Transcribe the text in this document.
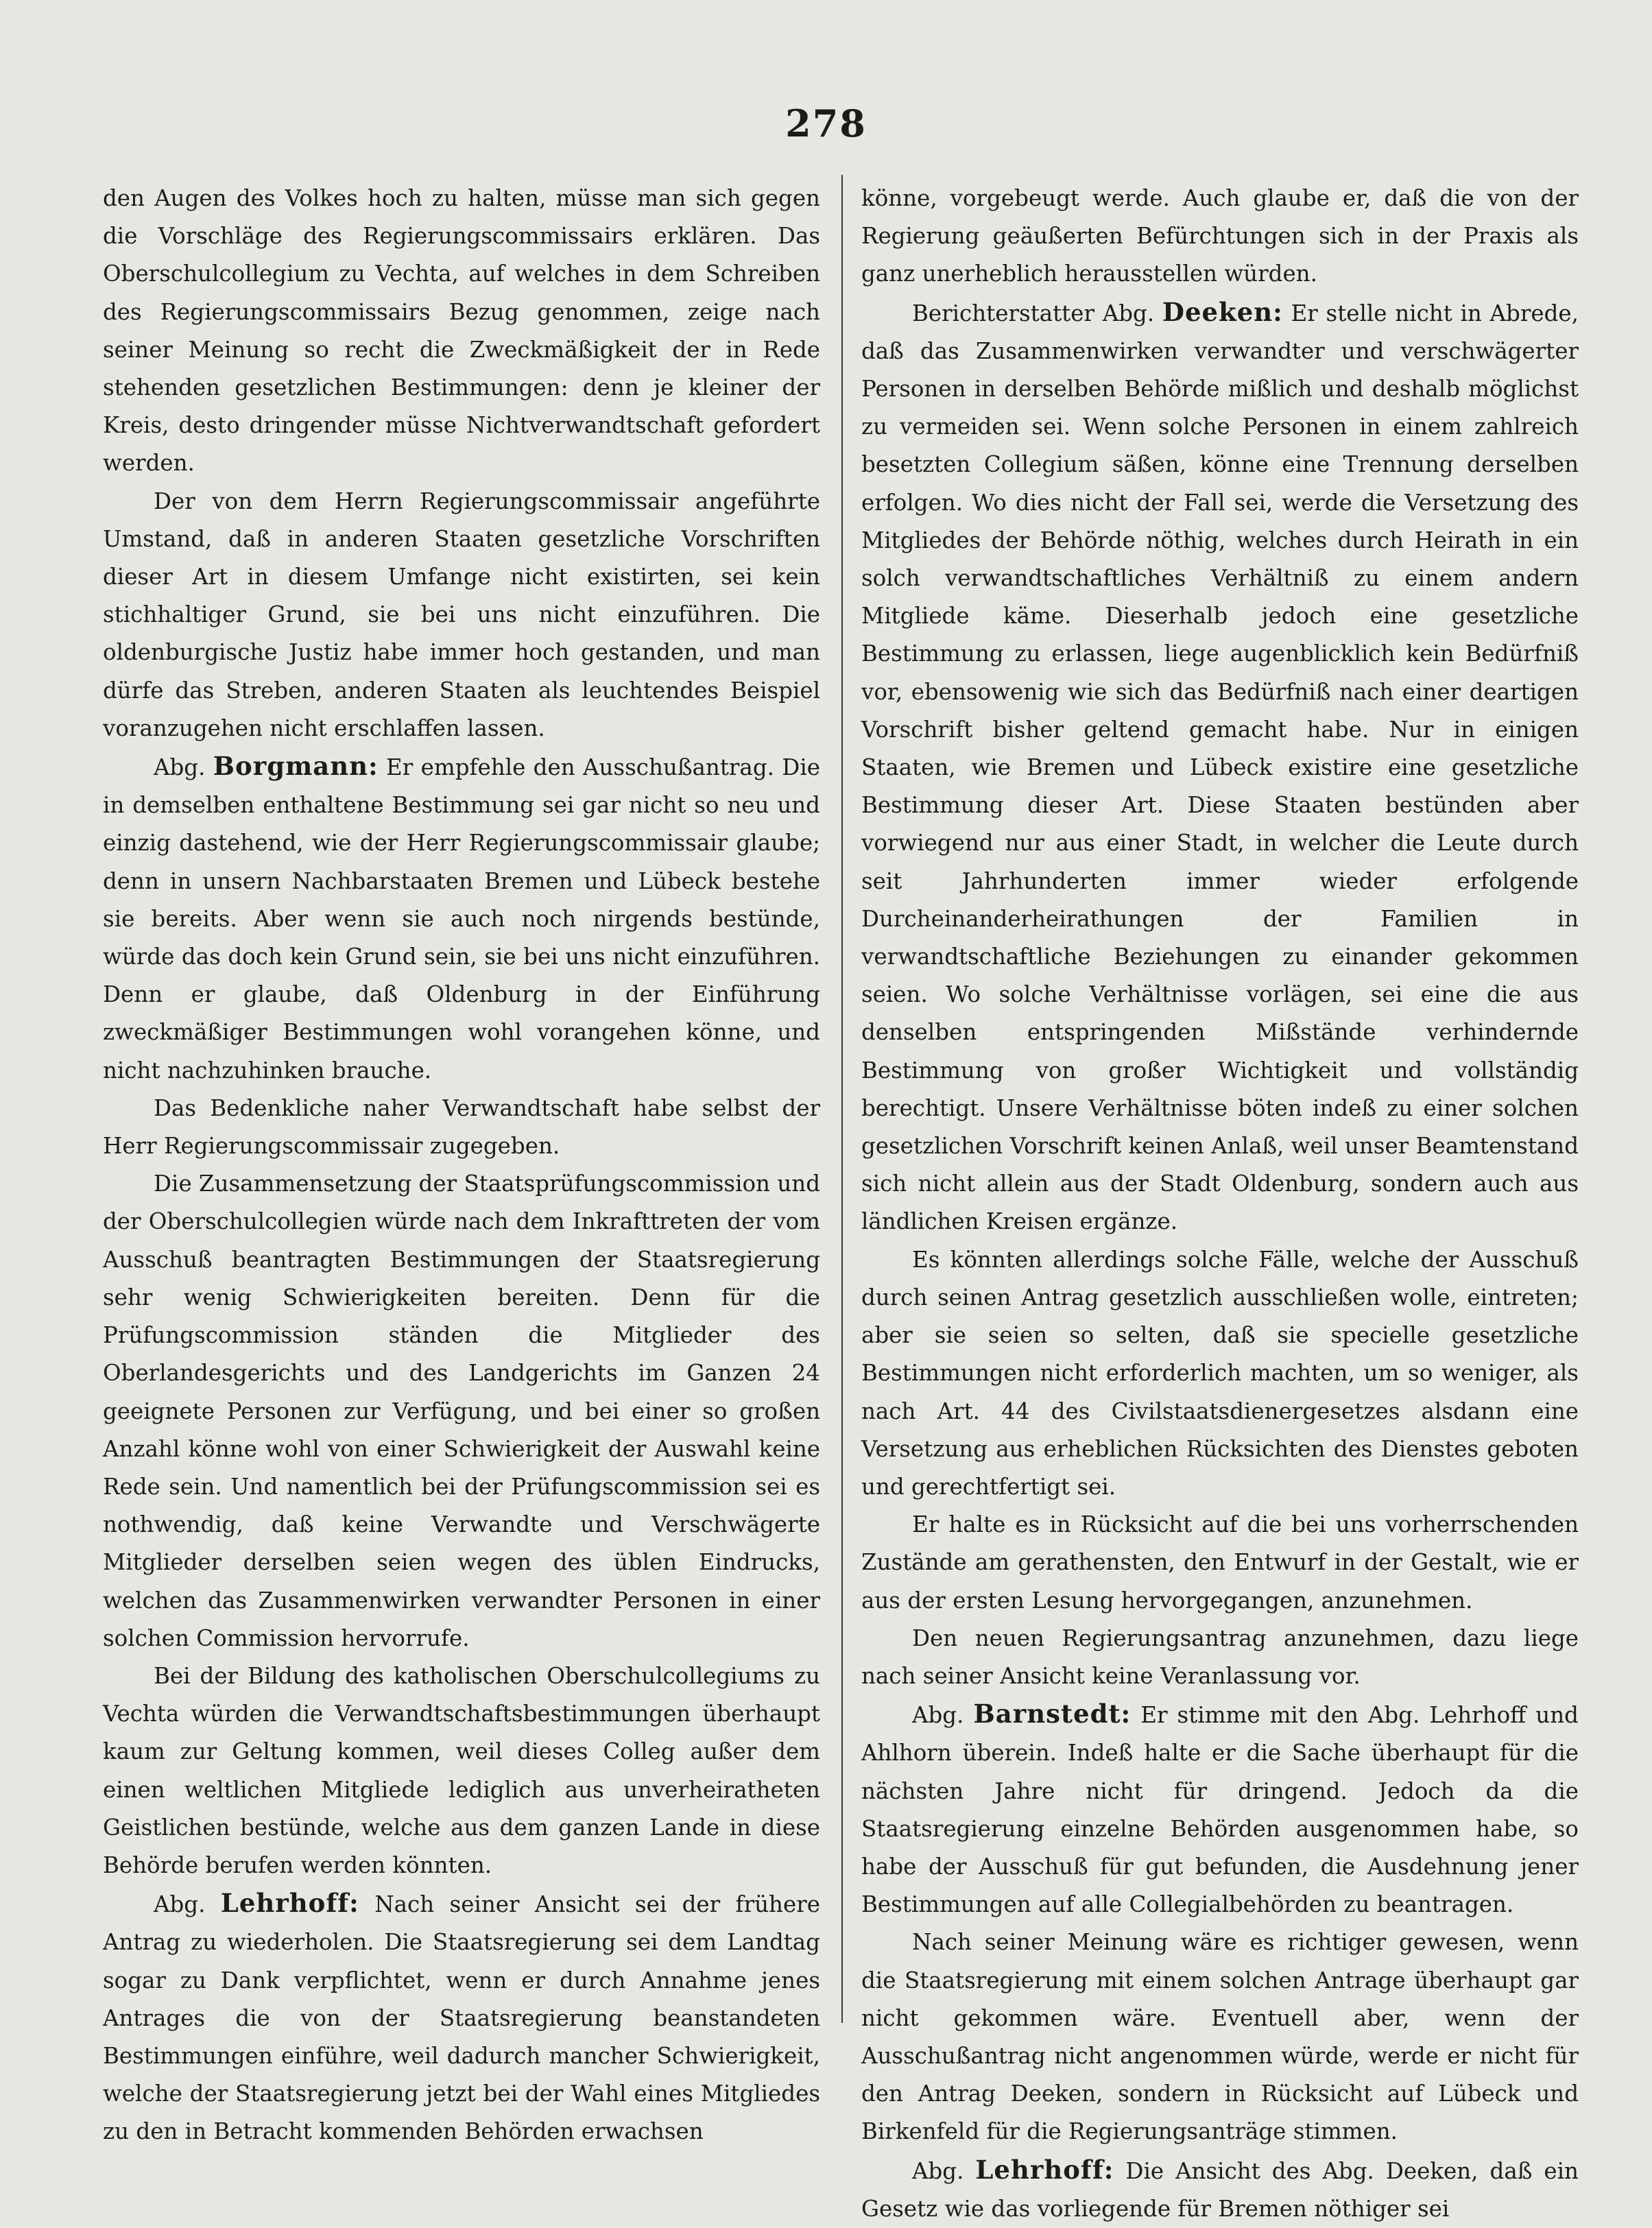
278

den Augen des Volkes hoch zu halten, müsse man sich gegen die Vorschläge des Regierungscommissairs erklären. Das Oberschulcollegium zu Vechta, auf welches in dem Schreiben des Regierungscommissairs Bezug genommen, zeige nach seiner Meinung so recht die Zweckmäßigkeit der in Rede stehenden gesetzlichen Bestimmungen: denn je kleiner der Kreis, desto dringender müsse Nichtverwandtschaft gefordert werden.

Der von dem Herrn Regierungscommissair angeführte Umstand, daß in anderen Staaten gesetzliche Vorschriften dieser Art in diesem Umfange nicht existirten, sei kein stichhaltiger Grund, sie bei uns nicht einzuführen. Die oldenburgische Justiz habe immer hoch gestanden, und man dürfe das Streben, anderen Staaten als leuchtendes Beispiel voranzugehen nicht erschlaffen lassen.

Abg. Borgmann: Er empfehle den Ausschußantrag. Die in demselben enthaltene Bestimmung sei gar nicht so neu und einzig dastehend, wie der Herr Regierungscommissair glaube; denn in unsern Nachbarstaaten Bremen und Lübeck bestehe sie bereits. Aber wenn sie auch noch nirgends bestünde, würde das doch kein Grund sein, sie bei uns nicht einzuführen. Denn er glaube, daß Oldenburg in der Einführung zweckmäßiger Bestimmungen wohl vorangehen könne, und nicht nachzuhinken brauche.

Das Bedenkliche naher Verwandtschaft habe selbst der Herr Regierungscommissair zugegeben.

Die Zusammensetzung der Staatsprüfungscommission und der Oberschulcollegien würde nach dem Inkrafttreten der vom Ausschuß beantragten Bestimmungen der Staatsregierung sehr wenig Schwierigkeiten bereiten. Denn für die Prüfungscommission ständen die Mitglieder des Oberlandesgerichts und des Landgerichts im Ganzen 24 geeignete Personen zur Verfügung, und bei einer so großen Anzahl könne wohl von einer Schwierigkeit der Auswahl keine Rede sein. Und namentlich bei der Prüfungscommission sei es nothwendig, daß keine Verwandte und Verschwägerte Mitglieder derselben seien wegen des üblen Eindrucks, welchen das Zusammenwirken verwandter Personen in einer solchen Commission hervorrufe.

Bei der Bildung des katholischen Oberschulcollegiums zu Vechta würden die Verwandtschaftsbestimmungen überhaupt kaum zur Geltung kommen, weil dieses Colleg außer dem einen weltlichen Mitgliede lediglich aus unverheiratheten Geistlichen bestünde, welche aus dem ganzen Lande in diese Behörde berufen werden könnten.

Abg. Lehrhoff: Nach seiner Ansicht sei der frühere Antrag zu wiederholen. Die Staatsregierung sei dem Landtag sogar zu Dank verpflichtet, wenn er durch Annahme jenes Antrages die von der Staatsregierung beanstandeten Bestimmungen einführe, weil dadurch mancher Schwierigkeit, welche der Staatsregierung jetzt bei der Wahl eines Mitgliedes zu den in Betracht kommenden Behörden erwachsen

könne, vorgebeugt werde. Auch glaube er, daß die von der Regierung geäußerten Befürchtungen sich in der Praxis als ganz unerheblich herausstellen würden.

Berichterstatter Abg. Deeken: Er stelle nicht in Abrede, daß das Zusammenwirken verwandter und verschwägerter Personen in derselben Behörde mißlich und deshalb möglichst zu vermeiden sei. Wenn solche Personen in einem zahlreich besetzten Collegium säßen, könne eine Trennung derselben erfolgen. Wo dies nicht der Fall sei, werde die Versetzung des Mitgliedes der Behörde nöthig, welches durch Heirath in ein solch verwandtschaftliches Verhältniß zu einem andern Mitgliede käme. Dieserhalb jedoch eine gesetzliche Bestimmung zu erlassen, liege augenblicklich kein Bedürfniß vor, ebensowenig wie sich das Bedürfniß nach einer deartigen Vorschrift bisher geltend gemacht habe. Nur in einigen Staaten, wie Bremen und Lübeck existire eine gesetzliche Bestimmung dieser Art. Diese Staaten bestünden aber vorwiegend nur aus einer Stadt, in welcher die Leute durch seit Jahrhunderten immer wieder erfolgende Durcheinanderheirathungen der Familien in verwandtschaftliche Beziehungen zu einander gekommen seien. Wo solche Verhältnisse vorlägen, sei eine die aus denselben entspringenden Mißstände verhindernde Bestimmung von großer Wichtigkeit und vollständig berechtigt. Unsere Verhältnisse böten indeß zu einer solchen gesetzlichen Vorschrift keinen Anlaß, weil unser Beamtenstand sich nicht allein aus der Stadt Oldenburg, sondern auch aus ländlichen Kreisen ergänze.

Es könnten allerdings solche Fälle, welche der Ausschuß durch seinen Antrag gesetzlich ausschließen wolle, eintreten; aber sie seien so selten, daß sie specielle gesetzliche Bestimmungen nicht erforderlich machten, um so weniger, als nach Art. 44 des Civilstaatsdienergesetzes alsdann eine Versetzung aus erheblichen Rücksichten des Dienstes geboten und gerechtfertigt sei.

Er halte es in Rücksicht auf die bei uns vorherrschenden Zustände am gerathensten, den Entwurf in der Gestalt, wie er aus der ersten Lesung hervorgegangen, anzunehmen.

Den neuen Regierungsantrag anzunehmen, dazu liege nach seiner Ansicht keine Veranlassung vor.

Abg. Barnstedt: Er stimme mit den Abg. Lehrhoff und Ahlhorn überein. Indeß halte er die Sache überhaupt für die nächsten Jahre nicht für dringend. Jedoch da die Staatsregierung einzelne Behörden ausgenommen habe, so habe der Ausschuß für gut befunden, die Ausdehnung jener Bestimmungen auf alle Collegialbehörden zu beantragen.

Nach seiner Meinung wäre es richtiger gewesen, wenn die Staatsregierung mit einem solchen Antrage überhaupt gar nicht gekommen wäre. Eventuell aber, wenn der Ausschußantrag nicht angenommen würde, werde er nicht für den Antrag Deeken, sondern in Rücksicht auf Lübeck und Birkenfeld für die Regierungsanträge stimmen.

Abg. Lehrhoff: Die Ansicht des Abg. Deeken, daß ein Gesetz wie das vorliegende für Bremen nöthiger sei
